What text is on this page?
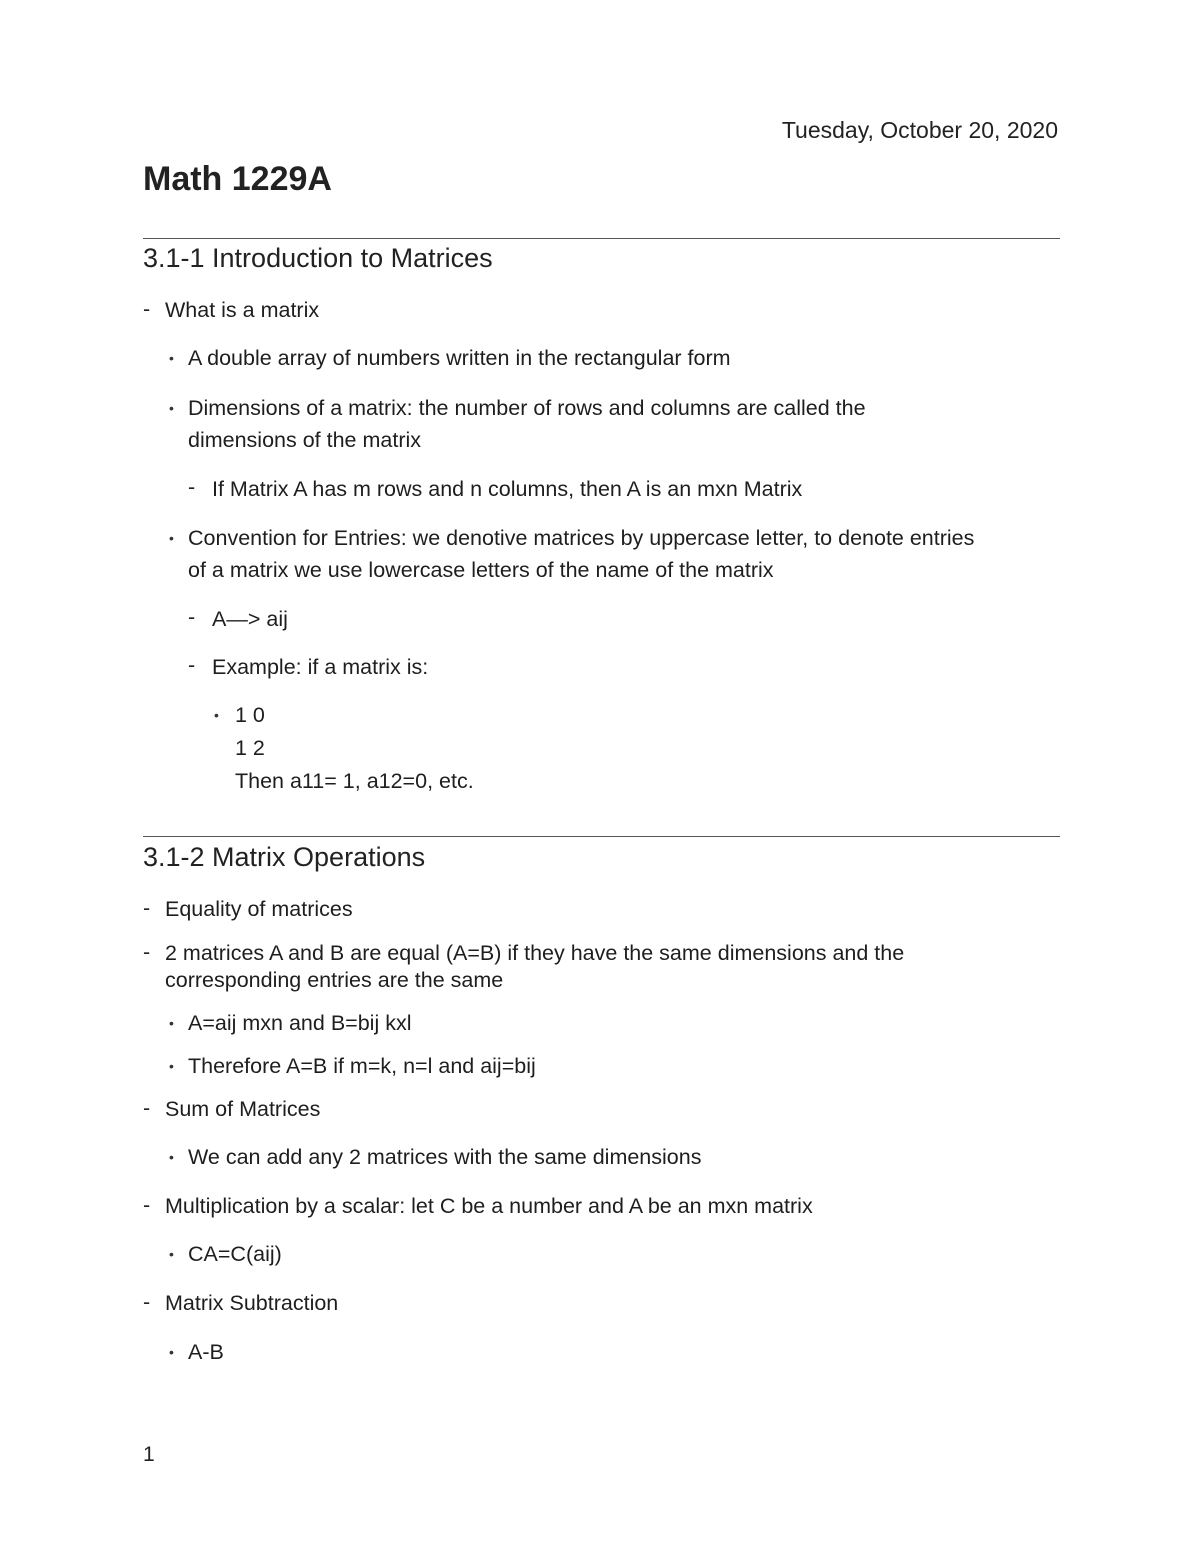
Tuesday, October 20, 2020
Math 1229A
3.1-1 Introduction to Matrices
- What is a matrix
• A double array of numbers written in the rectangular form
• Dimensions of a matrix: the number of rows and columns are called the
dimensions of the matrix
- If Matrix A has m rows and n columns, then A is an mxn Matrix
• Convention for Entries: we denotive matrices by uppercase letter, to denote entries
of a matrix we use lowercase letters of the name of the matrix
- A—> aij
- Example: if a matrix is:
• 1 0
1 2
Then a11= 1, a12=0, etc.
3.1-2 Matrix Operations
- Equality of matrices
- 2 matrices A and B are equal (A=B) if they have the same dimensions and the
corresponding entries are the same
• A=aij mxn and B=bij kxl
• Therefore A=B if m=k, n=l and aij=bij
- Sum of Matrices
• We can add any 2 matrices with the same dimensions
- Multiplication by a scalar: let C be a number and A be an mxn matrix
• CA=C(aij)
- Matrix Subtraction
• A-B
1
